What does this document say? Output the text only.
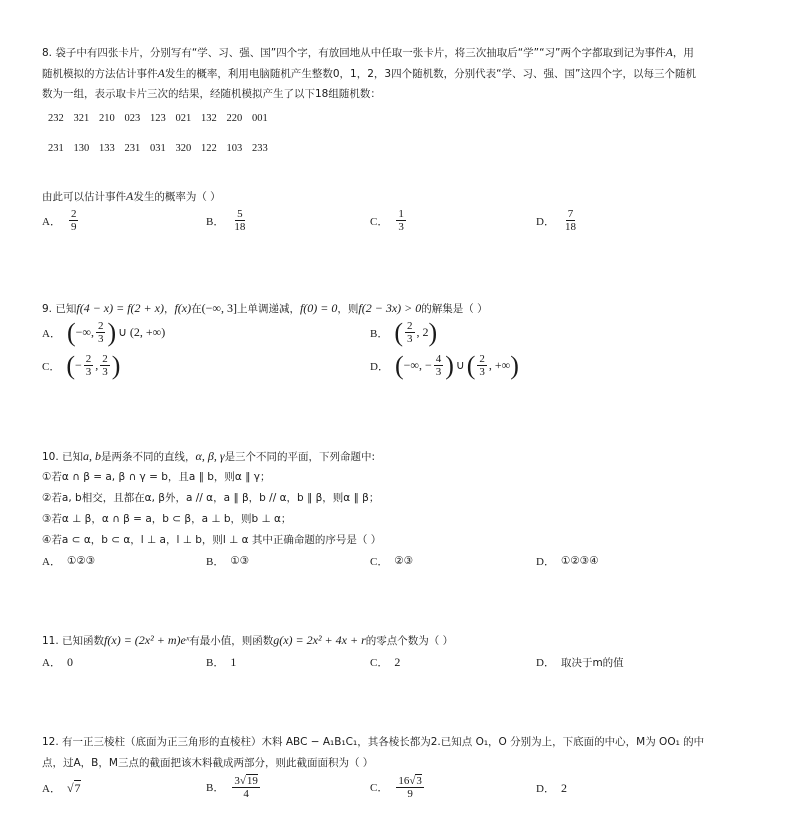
8. 袋子中有四张卡片，分别写有“学、习、强、国”四个字，有放回地从中任取一张卡片，将三次抽取后“学”“习”两个字都取到记为事件A，用
随机模拟的方法估计事件A发生的概率，利用电脑随机产生整数0，1，2，3四个随机数，分别代表“学、习、强、国”这四个字，以每三个随机
数为一组，表示取卡片三次的结果，经随机模拟产生了以下18组随机数：
232 321 210 023 123 021 132 220 001
231 130 133 231 031 320 122 103 233
由此可以估计事件A发生的概率为（ ）
A． $\frac{2}{9}$	B． $\frac{5}{18}$	C． $\frac{1}{3}$	D． $\frac{7}{18}$
9. 已知f(4 − x) = f(2 + x)，f(x)在(−∞, 3]上单调递减，f(0) = 0，则f(2 − 3x) > 0的解集是（ ）
A． ( −∞, $\frac{2}{3}$ ) ∪ (2, +∞)	B． ( $\frac{2}{3}$ , 2 )
C． ( − $\frac{2}{3}$ , $\frac{2}{3}$ )	D． ( −∞, − $\frac{4}{3}$ ) ∪ ( $\frac{2}{3}$ , +∞ )
10. 已知a, b是两条不同的直线，α, β, γ是三个不同的平面，下列命题中:
①若α ∩ β = a, β ∩ γ = b，且a ∥ b，则α ∥ γ；
②若a, b相交，且都在α, β外，a // α，a ∥ β，b // α，b ∥ β，则α ∥ β；
③若α ⊥ β，α ∩ β = a，b ⊂ β，a ⊥ b，则b ⊥ α；
④若a ⊂ α，b ⊂ α，l ⊥ a，l ⊥ b，则l ⊥ α 其中正确命题的序号是（ ）
A． ①②③	B． ①③	C． ②③	D． ①②③④
11. 已知函数f(x) = (2x² + m)eˣ有最小值，则函数g(x) = 2x² + 4x + r的零点个数为（ ）
A． 0	B． 1	C． 2	D． 取决于m的值
12. 有一正三棱柱（底面为正三角形的直棱柱）木料 ABC − A₁B₁C₁，其各棱长都为2.已知点 O₁，O 分别为上，下底面的中心，M为 OO₁ 的中
点，过A，B，M三点的截面把该木料截成两部分，则此截面面积为（ ）
A． √ 7	B． $\frac{3√19}{4}$	C． $\frac{16√3}{9}$	D． 2
